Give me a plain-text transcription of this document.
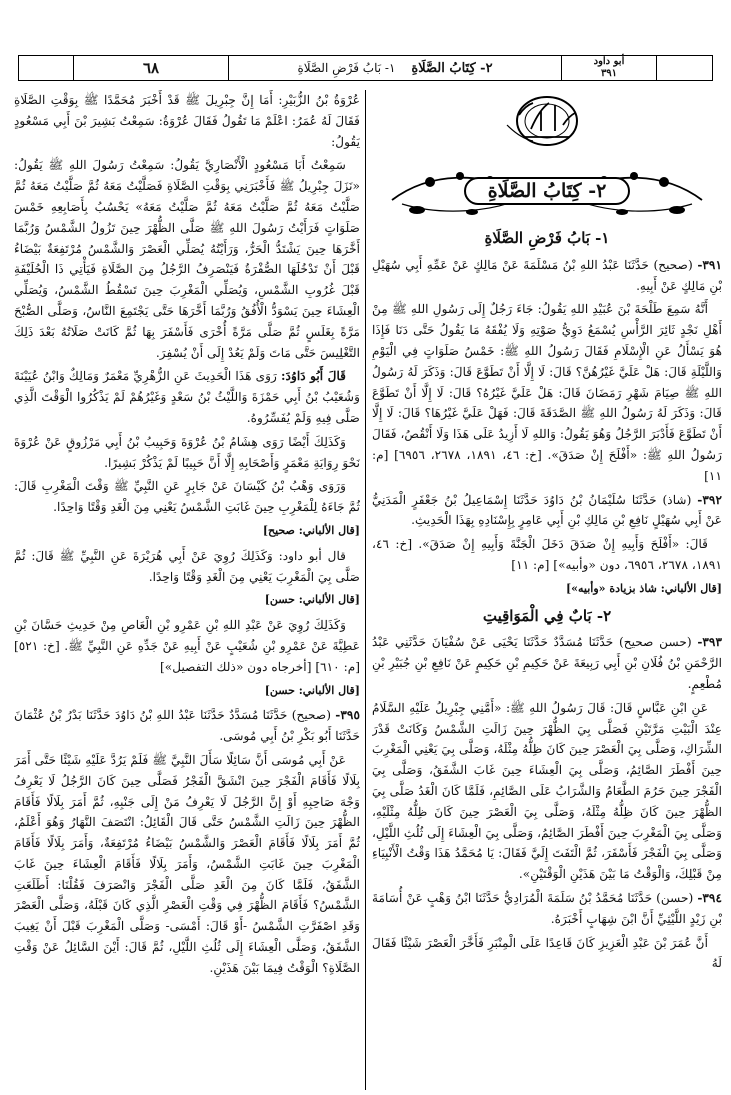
٦٨	٢- كِتَابُ الصَّلَاةِ
١- بَابُ فَرْضِ الصَّلَاةِ	أبو داود
٣٩١
٢- كِتَابُ الصَّلَاةِ
١- بَابُ فَرْضِ الصَّلَاةِ

٣٩١- (صحيح) حَدَّثَنَا عَبْدُ اللهِ بْنُ مَسْلَمَةَ عَنْ مَالِكٍ عَنْ عَمِّهِ أَبِي سُهَيْلِ بْنِ مَالِكٍ عَنْ أَبِيهِ.

أَنَّهُ سَمِعَ طَلْحَةَ بْنَ عُبَيْدِ اللهِ يَقُولُ: جَاءَ رَجُلٌ إِلَى رَسُولِ اللهِ ﷺ مِنْ أَهْلِ نَجْدٍ ثَائِرَ الرَّأْسِ يُسْمَعُ دَوِيُّ صَوْتِهِ وَلَا يُفْقَهُ مَا يَقُولُ حَتَّى دَنَا فَإِذَا هُوَ يَسْأَلُ عَنِ الْإِسْلَامِ فَقَالَ رَسُولُ اللهِ ﷺ: خَمْسُ صَلَوَاتٍ فِي الْيَوْمِ وَاللَّيْلَةِ قَالَ: هَلْ عَلَيَّ غَيْرُهُنَّ؟ قَالَ: لَا إِلَّا أَنْ تَطَوَّعَ قَالَ: وَذَكَرَ لَهُ رَسُولُ اللهِ ﷺ صِيَامَ شَهْرِ رَمَضَانَ قَالَ: هَلْ عَلَيَّ غَيْرُهُ؟ قَالَ: لَا إِلَّا أَنْ تَطَوَّعَ قَالَ: وَذَكَرَ لَهُ رَسُولُ اللهِ ﷺ الصَّدَقَةَ قَالَ: فَهَلْ عَلَيَّ غَيْرُهَا؟ قَالَ: لَا إِلَّا أَنْ تَطَوَّعَ فَأَدْبَرَ الرَّجُلُ وَهُوَ يَقُولُ: وَاللهِ لَا أَزِيدُ عَلَى هَذَا وَلَا أَنْقُصُ، فَقَالَ رَسُولُ اللهِ ﷺ: «أَفْلَحَ إِنْ صَدَقَ». [خ: ٤٦، ١٨٩١، ٢٦٧٨، ٦٩٥٦] [م: ١١]

٣٩٢- (شاذ) حَدَّثَنَا سُلَيْمَانُ بْنُ دَاوُدَ حَدَّثَنَا إِسْمَاعِيلُ بْنُ جَعْفَرٍ الْمَدَنِيُّ عَنْ أَبِي سُهَيْلٍ نَافِعِ بْنِ مَالِكِ بْنِ أَبِي عَامِرٍ بِإِسْنَادِهِ بِهَذَا الْحَدِيثِ.

قَالَ: «أَفْلَحَ وَأَبِيهِ إِنْ صَدَقَ دَخَلَ الْجَنَّةَ وَأَبِيهِ إِنْ صَدَقَ». [خ: ٤٦، ١٨٩١، ٢٦٧٨، ٦٩٥٦، دون «وأبيه»] [م: ١١]

[قال الألباني: شاذ بزيادة «وأبيه»]
٢- بَابٌ فِي الْمَوَاقِيتِ

٣٩٣- (حسن صحيح) حَدَّثَنَا مُسَدَّدٌ حَدَّثَنَا يَحْيَى عَنْ سُفْيَانَ حَدَّثَنِي عَبْدُ الرَّحْمَنِ بْنُ فُلَانِ بْنِ أَبِي رَبِيعَةَ عَنْ حَكِيمِ بْنِ حَكِيمٍ عَنْ نَافِعِ بْنِ جُبَيْرِ بْنِ مُطْعِمٍ.

عَنِ ابْنِ عَبَّاسٍ قَالَ: قَالَ رَسُولُ اللهِ ﷺ: «أَمَّنِي جِبْرِيلُ عَلَيْهِ السَّلَامُ عِنْدَ الْبَيْتِ مَرَّتَيْنِ فَصَلَّى بِيَ الظُّهْرَ حِينَ زَالَتِ الشَّمْسُ وَكَانَتْ قَدْرَ الشِّرَاكِ، وَصَلَّى بِيَ الْعَصْرَ حِينَ كَانَ ظِلُّهُ مِثْلَهُ، وَصَلَّى بِيَ يَعْنِي الْمَغْرِبَ حِينَ أَفْطَرَ الصَّائِمُ، وَصَلَّى بِيَ الْعِشَاءَ حِينَ غَابَ الشَّفَقُ، وَصَلَّى بِيَ الْفَجْرَ حِينَ حَرُمَ الطَّعَامُ وَالشَّرَابُ عَلَى الصَّائِمِ، فَلَمَّا كَانَ الْغَدُ صَلَّى بِيَ الظُّهْرَ حِينَ كَانَ ظِلُّهُ مِثْلَهُ، وَصَلَّى بِيَ الْعَصْرَ حِينَ كَانَ ظِلُّهُ مِثْلَيْهِ، وَصَلَّى بِيَ الْمَغْرِبَ حِينَ أَفْطَرَ الصَّائِمُ، وَصَلَّى بِيَ الْعِشَاءَ إِلَى ثُلُثِ اللَّيْلِ، وَصَلَّى بِيَ الْفَجْرَ فَأَسْفَرَ، ثُمَّ الْتَفَتَ إِلَيَّ فَقَالَ: يَا مُحَمَّدُ هَذَا وَقْتُ الْأَنْبِيَاءِ مِنْ قَبْلِكَ، وَالْوَقْتُ مَا بَيْنَ هَذَيْنِ الْوَقْتَيْنِ».

٣٩٤- (حسن) حَدَّثَنَا مُحَمَّدُ بْنُ سَلَمَةَ الْمُرَادِيُّ حَدَّثَنَا ابْنُ وَهْبٍ عَنْ أُسَامَةَ بْنِ زَيْدٍ اللَّيْثِيِّ أَنَّ ابْنَ شِهَابٍ أَخْبَرَهُ.

أَنَّ عُمَرَ بْنَ عَبْدِ الْعَزِيزِ كَانَ قَاعِدًا عَلَى الْمِنْبَرِ فَأَخَّرَ الْعَصْرَ شَيْئًا فَقَالَ لَهُ

عُرْوَةُ بْنُ الزُّبَيْرِ: أَمَا إِنَّ جِبْرِيلَ ﷺ قَدْ أَخْبَرَ مُحَمَّدًا ﷺ بِوَقْتِ الصَّلَاةِ فَقَالَ لَهُ عُمَرُ: اعْلَمْ مَا تَقُولُ فَقَالَ عُرْوَةُ: سَمِعْتُ بَشِيرَ بْنَ أَبِي مَسْعُودٍ يَقُولُ:

سَمِعْتُ أَبَا مَسْعُودٍ الْأَنْصَارِيَّ يَقُولُ: سَمِعْتُ رَسُولَ اللهِ ﷺ يَقُولُ: «نَزَلَ جِبْرِيلُ ﷺ فَأَخْبَرَنِي بِوَقْتِ الصَّلَاةِ فَصَلَّيْتُ مَعَهُ ثُمَّ صَلَّيْتُ مَعَهُ ثُمَّ صَلَّيْتُ مَعَهُ ثُمَّ صَلَّيْتُ مَعَهُ ثُمَّ صَلَّيْتُ مَعَهُ» يَحْسُبُ بِأَصَابِعِهِ خَمْسَ صَلَوَاتٍ فَرَأَيْتُ رَسُولَ اللهِ ﷺ صَلَّى الظُّهْرَ حِينَ تَزُولُ الشَّمْسُ وَرُبَّمَا أَخَّرَهَا حِينَ يَشْتَدُّ الْحَرُّ، وَرَأَيْتُهُ يُصَلِّي الْعَصْرَ وَالشَّمْسُ مُرْتَفِعَةٌ بَيْضَاءُ قَبْلَ أَنْ تَدْخُلَهَا الصُّفْرَةُ فَيَنْصَرِفُ الرَّجُلُ مِنَ الصَّلَاةِ فَيَأْتِي ذَا الْحُلَيْفَةِ قَبْلَ غُرُوبِ الشَّمْسِ، وَيُصَلِّي الْمَغْرِبَ حِينَ تَسْقُطُ الشَّمْسُ، وَيُصَلِّي الْعِشَاءَ حِينَ يَسْوَدُّ الْأُفُقُ وَرُبَّمَا أَخَّرَهَا حَتَّى يَجْتَمِعَ النَّاسُ، وَصَلَّى الصُّبْحَ مَرَّةً بِغَلَسٍ ثُمَّ صَلَّى مَرَّةً أُخْرَى فَأَسْفَرَ بِهَا ثُمَّ كَانَتْ صَلَاتُهُ بَعْدَ ذَلِكَ التَّغْلِيسَ حَتَّى مَاتَ وَلَمْ يَعُدْ إِلَى أَنْ يُسْفِرَ.

قَالَ أَبُو دَاوُدَ: رَوَى هَذَا الْحَدِيثَ عَنِ الزُّهْرِيِّ مَعْمَرٌ وَمَالِكٌ وَابْنُ عُيَيْنَةَ وَشُعَيْبُ بْنُ أَبِي حَمْزَةَ وَاللَّيْثُ بْنُ سَعْدٍ وَغَيْرُهُمْ لَمْ يَذْكُرُوا الْوَقْتَ الَّذِي صَلَّى فِيهِ وَلَمْ يُفَسِّرُوهُ.

وَكَذَلِكَ أَيْضًا رَوَى هِشَامُ بْنُ عُرْوَةَ وَحَبِيبُ بْنُ أَبِي مَرْزُوقٍ عَنْ عُرْوَةَ نَحْوَ رِوَايَةِ مَعْمَرٍ وَأَصْحَابِهِ إِلَّا أَنَّ حَبِيبًا لَمْ يَذْكُرْ بَشِيرًا.

وَرَوَى وَهْبُ بْنُ كَيْسَانَ عَنْ جَابِرٍ عَنِ النَّبِيِّ ﷺ وَقْتَ الْمَغْرِبِ قَالَ: ثُمَّ جَاءَهُ لِلْمَغْرِبِ حِينَ غَابَتِ الشَّمْسُ يَعْنِي مِنَ الْغَدِ وَقْتًا وَاحِدًا.

[قال الألباني: صحيح]

قال أبو داود: وَكَذَلِكَ رُوِيَ عَنْ أَبِي هُرَيْرَةَ عَنِ النَّبِيِّ ﷺ قَالَ: ثُمَّ صَلَّى بِيَ الْمَغْرِبَ يَعْنِي مِنَ الْغَدِ وَقْتًا وَاحِدًا.

[قال الألباني: حسن]

وَكَذَلِكَ رُوِيَ عَنْ عَبْدِ اللهِ بْنِ عَمْرِو بْنِ الْعَاصِ مِنْ حَدِيثِ حَسَّانَ بْنِ عَطِيَّةَ عَنْ عَمْرِو بْنِ شُعَيْبٍ عَنْ أَبِيهِ عَنْ جَدِّهِ عَنِ النَّبِيِّ ﷺ. [خ: ٥٢١] [م: ٦١٠] [أخرجاه دون «ذلك التفصيل»]

[قال الألباني: حسن]

٣٩٥- (صحيح) حَدَّثَنَا مُسَدَّدٌ حَدَّثَنَا عَبْدُ اللهِ بْنُ دَاوُدَ حَدَّثَنَا بَدْرُ بْنُ عُثْمَانَ حَدَّثَنَا أَبُو بَكْرِ بْنُ أَبِي مُوسَى.

عَنْ أَبِي مُوسَى أَنَّ سَائِلًا سَأَلَ النَّبِيَّ ﷺ فَلَمْ يَرُدَّ عَلَيْهِ شَيْئًا حَتَّى أَمَرَ بِلَالًا فَأَقَامَ الْفَجْرَ حِينَ انْشَقَّ الْفَجْرُ فَصَلَّى حِينَ كَانَ الرَّجُلُ لَا يَعْرِفُ وَجْهَ صَاحِبِهِ أَوْ إِنَّ الرَّجُلَ لَا يَعْرِفُ مَنْ إِلَى جَنْبِهِ، ثُمَّ أَمَرَ بِلَالًا فَأَقَامَ الظُّهْرَ حِينَ زَالَتِ الشَّمْسُ حَتَّى قَالَ الْقَائِلُ: انْتَصَفَ النَّهَارُ وَهُوَ أَعْلَمُ، ثُمَّ أَمَرَ بِلَالًا فَأَقَامَ الْعَصْرَ وَالشَّمْسُ بَيْضَاءُ مُرْتَفِعَةٌ، وَأَمَرَ بِلَالًا فَأَقَامَ الْمَغْرِبَ حِينَ غَابَتِ الشَّمْسُ، وَأَمَرَ بِلَالًا فَأَقَامَ الْعِشَاءَ حِينَ غَابَ الشَّفَقُ، فَلَمَّا كَانَ مِنَ الْغَدِ صَلَّى الْفَجْرَ وَانْصَرَفَ فَقُلْنَا: أَطَلَعَتِ الشَّمْسُ؟ فَأَقَامَ الظُّهْرَ فِي وَقْتِ الْعَصْرِ الَّذِي كَانَ قَبْلَهُ، وَصَلَّى الْعَصْرَ وَقَدِ اصْفَرَّتِ الشَّمْسُ -أَوْ قَالَ: أَمْسَى- وَصَلَّى الْمَغْرِبَ قَبْلَ أَنْ يَغِيبَ الشَّفَقُ، وَصَلَّى الْعِشَاءَ إِلَى ثُلُثِ اللَّيْلِ، ثُمَّ قَالَ: أَيْنَ السَّائِلُ عَنْ وَقْتِ الصَّلَاةِ؟ الْوَقْتُ فِيمَا بَيْنَ هَذَيْنِ.
